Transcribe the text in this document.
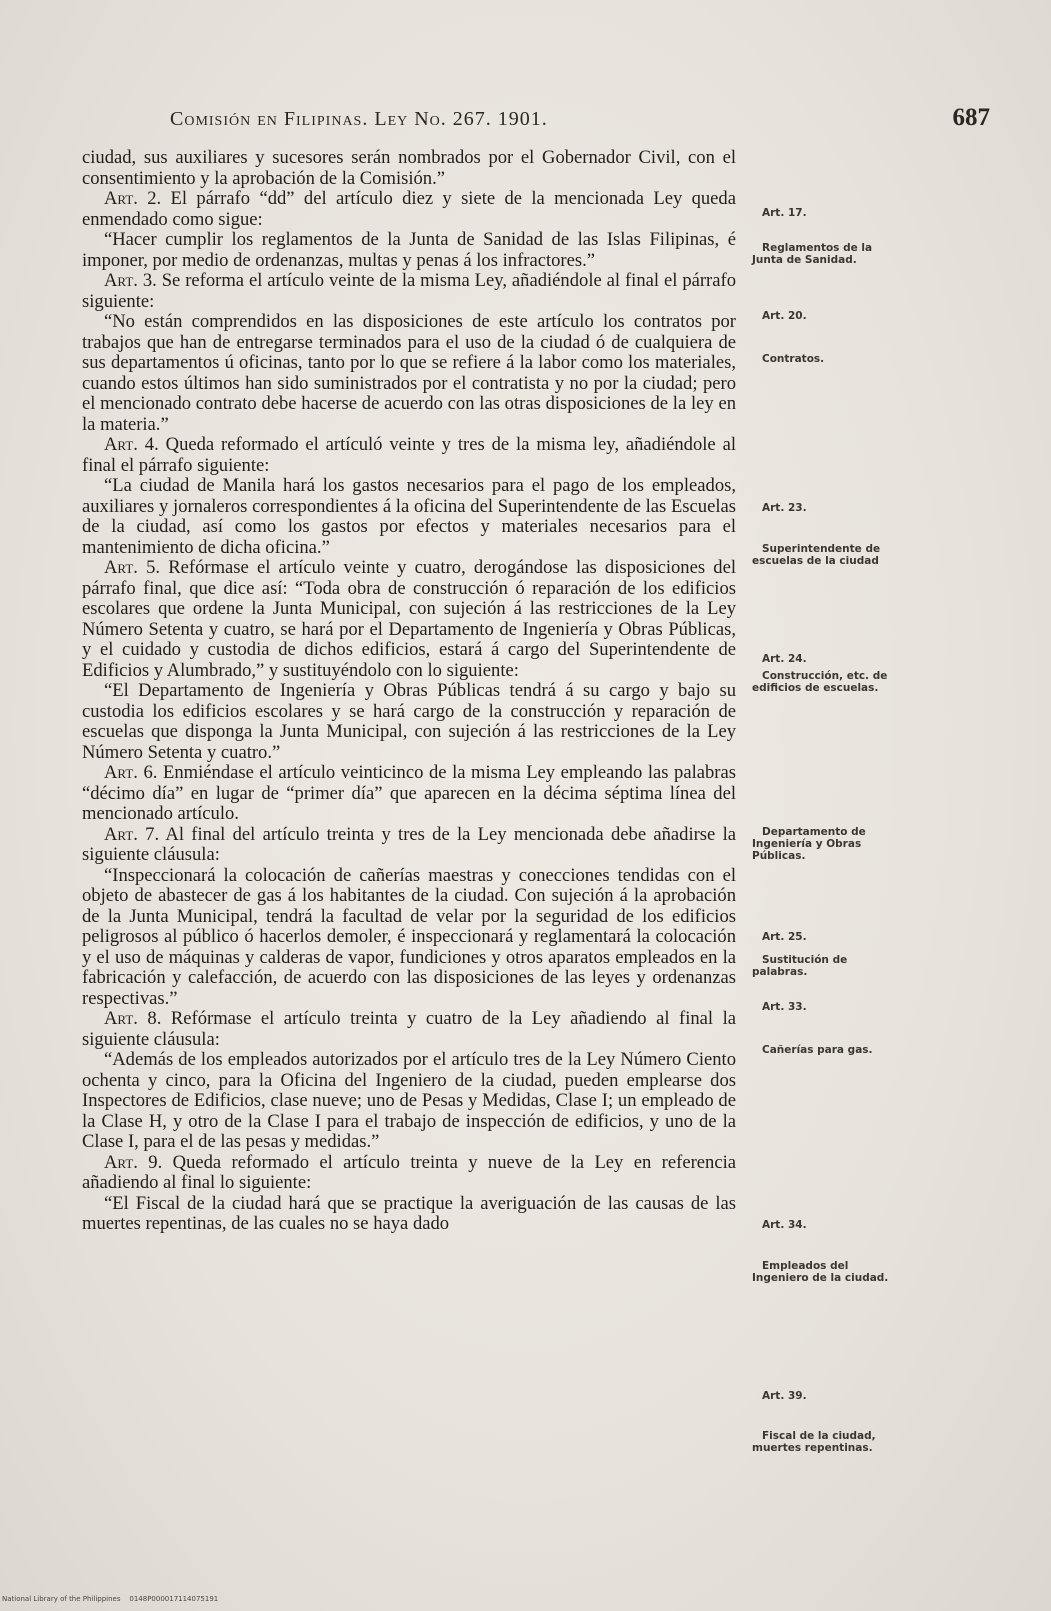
Comisión en Filipinas. Ley No. 267. 1901.	687

ciudad, sus auxiliares y sucesores serán nombrados por el Gobernador Civil, con el consentimiento y la aprobación de la Comisión.”

Art. 2. El párrafo “dd” del artículo diez y siete de la mencionada Ley queda enmendado como sigue:

“Hacer cumplir los reglamentos de la Junta de Sanidad de las Islas Filipinas, é imponer, por medio de ordenanzas, multas y penas á los infractores.”

Art. 3. Se reforma el artículo veinte de la misma Ley, añadiéndole al final el párrafo siguiente:

“No están comprendidos en las disposiciones de este artículo los contratos por trabajos que han de entregarse terminados para el uso de la ciudad ó de cualquiera de sus departamentos ú oficinas, tanto por lo que se refiere á la labor como los materiales, cuando estos últimos han sido suministrados por el contratista y no por la ciudad; pero el mencionado contrato debe hacerse de acuerdo con las otras disposiciones de la ley en la materia.”

Art. 4. Queda reformado el artículó veinte y tres de la misma ley, añadiéndole al final el párrafo siguiente:

“La ciudad de Manila hará los gastos necesarios para el pago de los empleados, auxiliares y jornaleros correspondientes á la oficina del Superintendente de las Escuelas de la ciudad, así como los gastos por efectos y materiales necesarios para el mantenimiento de dicha oficina.”

Art. 5. Refórmase el artículo veinte y cuatro, derogándose las disposiciones del párrafo final, que dice así: “Toda obra de construcción ó reparación de los edificios escolares que ordene la Junta Municipal, con sujeción á las restricciones de la Ley Número Setenta y cuatro, se hará por el Departamento de Ingeniería y Obras Públicas, y el cuidado y custodia de dichos edificios, estará á cargo del Superintendente de Edificios y Alumbrado,” y sustituyéndolo con lo siguiente:

“El Departamento de Ingeniería y Obras Públicas tendrá á su cargo y bajo su custodia los edificios escolares y se hará cargo de la construcción y reparación de escuelas que disponga la Junta Municipal, con sujeción á las restricciones de la Ley Número Setenta y cuatro.”

Art. 6. Enmiéndase el artículo veinticinco de la misma Ley empleando las palabras “décimo día” en lugar de “primer día” que aparecen en la décima séptima línea del mencionado artículo.

Art. 7. Al final del artículo treinta y tres de la Ley mencionada debe añadirse la siguiente cláusula:

“Inspeccionará la colocación de cañerías maestras y conecciones tendidas con el objeto de abastecer de gas á los habitantes de la ciudad. Con sujeción á la aprobación de la Junta Municipal, tendrá la facultad de velar por la seguridad de los edificios peligrosos al público ó hacerlos demoler, é inspeccionará y reglamentará la colocación y el uso de máquinas y calderas de vapor, fundiciones y otros aparatos empleados en la fabricación y calefacción, de acuerdo con las disposiciones de las leyes y ordenanzas respectivas.”

Art. 8. Refórmase el artículo treinta y cuatro de la Ley añadiendo al final la siguiente cláusula:

“Además de los empleados autorizados por el artículo tres de la Ley Número Ciento ochenta y cinco, para la Oficina del Ingeniero de la ciudad, pueden emplearse dos Inspectores de Edificios, clase nueve; uno de Pesas y Medidas, Clase I; un empleado de la Clase H, y otro de la Clase I para el trabajo de inspección de edificios, y uno de la Clase I, para el de las pesas y medidas.”

Art. 9. Queda reformado el artículo treinta y nueve de la Ley en referencia añadiendo al final lo siguiente:

“El Fiscal de la ciudad hará que se practique la averiguación de las causas de las muertes repentinas, de las cuales no se haya dado

Art. 17.
Reglamentos de la Junta de Sanidad.
Art. 20.
Contratos.
Art. 23.
Superintendente de escuelas de la ciudad
Art. 24.
Construcción, etc. de edificios de escuelas.
Departamento de Ingeniería y Obras Públicas.
Art. 25.
Sustitución de palabras.
Art. 33.
Cañerías para gas.
Art. 34.
Empleados del Ingeniero de la ciudad.
Art. 39.
Fiscal de la ciudad, muertes repentinas.
National Library of the Philippines    0148P000017114075191
